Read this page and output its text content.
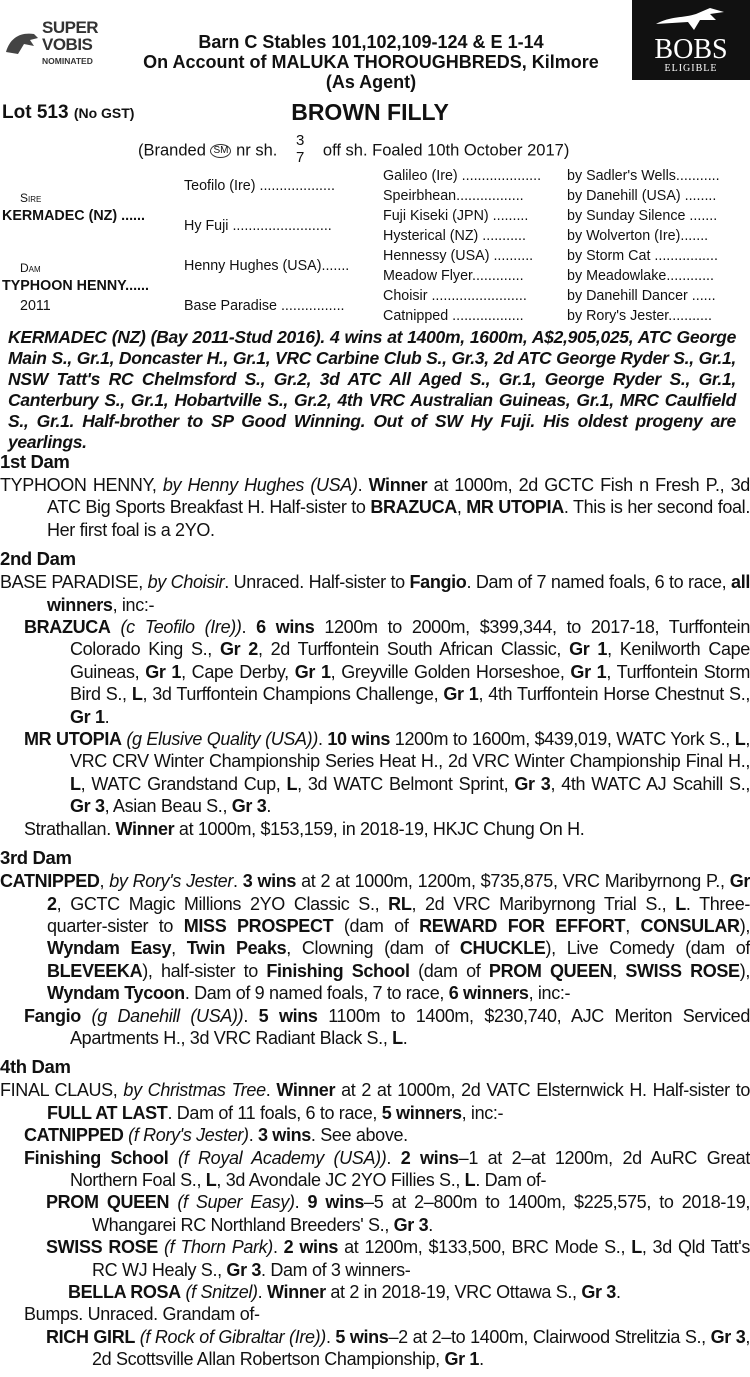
SUPER
VOBIS
NOMINATED	BOBS
ELIGIBLE
Barn C Stables 101,102,109-124 & E 1-14
On Account of MALUKA THOROUGHBREDS, Kilmore
(As Agent)
Lot 513 (No GST)	BROWN FILLY
(Branded SM nr sh. 3
7 off sh. Foaled 10th October 2017)
Sire
KERMADEC (NZ) ......
Dam
TYPHOON HENNY......
2011
Teofilo (Ire) ...................
Hy Fuji .........................
Henny Hughes (USA).......
Base Paradise ................
Galileo (Ire) ....................
Speirbhean.................
Fuji Kiseki (JPN) .........
Hysterical (NZ) ...........
Hennessy (USA) ..........
Meadow Flyer.............
Choisir ........................
Catnipped ..................
by Sadler's Wells...........
by Danehill (USA) ........
by Sunday Silence .......
by Wolverton (Ire).......
by Storm Cat ................
by Meadowlake............
by Danehill Dancer ......
by Rory's Jester...........
KERMADEC (NZ) (Bay 2011-Stud 2016). 4 wins at 1400m, 1600m, A$2,905,025, ATC George Main S., Gr.1, Doncaster H., Gr.1, VRC Carbine Club S., Gr.3, 2d ATC George Ryder S., Gr.1, NSW Tatt's RC Chelmsford S., Gr.2, 3d ATC All Aged S., Gr.1, George Ryder S., Gr.1, Canterbury S., Gr.1, Hobartville S., Gr.2, 4th VRC Australian Guineas, Gr.1, MRC Caulfield S., Gr.1. Half-brother to SP Good Winning. Out of SW Hy Fuji. His oldest progeny are yearlings.
1st Dam
TYPHOON HENNY, by Henny Hughes (USA). Winner at 1000m, 2d GCTC Fish n Fresh P., 3d ATC Big Sports Breakfast H. Half-sister to BRAZUCA, MR UTOPIA. This is her second foal. Her first foal is a 2YO.
2nd Dam
BASE PARADISE, by Choisir. Unraced. Half-sister to Fangio. Dam of 7 named foals, 6 to race, all winners, inc:-
BRAZUCA (c Teofilo (Ire)). 6 wins 1200m to 2000m, $399,344, to 2017-18, Turffontein Colorado King S., Gr 2, 2d Turffontein South African Classic, Gr 1, Kenilworth Cape Guineas, Gr 1, Cape Derby, Gr 1, Greyville Golden Horseshoe, Gr 1, Turffontein Storm Bird S., L, 3d Turffontein Champions Challenge, Gr 1, 4th Turffontein Horse Chestnut S., Gr 1.
MR UTOPIA (g Elusive Quality (USA)). 10 wins 1200m to 1600m, $439,019, WATC York S., L, VRC CRV Winter Championship Series Heat H., 2d VRC Winter Championship Final H., L, WATC Grandstand Cup, L, 3d WATC Belmont Sprint, Gr 3, 4th WATC AJ Scahill S., Gr 3, Asian Beau S., Gr 3.
Strathallan. Winner at 1000m, $153,159, in 2018-19, HKJC Chung On H.
3rd Dam
CATNIPPED, by Rory's Jester. 3 wins at 2 at 1000m, 1200m, $735,875, VRC Maribyrnong P., Gr 2, GCTC Magic Millions 2YO Classic S., RL, 2d VRC Maribyrnong Trial S., L. Three-quarter-sister to MISS PROSPECT (dam of REWARD FOR EFFORT, CONSULAR), Wyndam Easy, Twin Peaks, Clowning (dam of CHUCKLE), Live Comedy (dam of BLEVEEKA), half-sister to Finishing School (dam of PROM QUEEN, SWISS ROSE), Wyndam Tycoon. Dam of 9 named foals, 7 to race, 6 winners, inc:-
Fangio (g Danehill (USA)). 5 wins 1100m to 1400m, $230,740, AJC Meriton Serviced Apartments H., 3d VRC Radiant Black S., L.
4th Dam
FINAL CLAUS, by Christmas Tree. Winner at 2 at 1000m, 2d VATC Elsternwick H. Half-sister to FULL AT LAST. Dam of 11 foals, 6 to race, 5 winners, inc:-
CATNIPPED (f Rory's Jester). 3 wins. See above.
Finishing School (f Royal Academy (USA)). 2 wins–1 at 2–at 1200m, 2d AuRC Great Northern Foal S., L, 3d Avondale JC 2YO Fillies S., L. Dam of-
PROM QUEEN (f Super Easy). 9 wins–5 at 2–800m to 1400m, $225,575, to 2018-19, Whangarei RC Northland Breeders' S., Gr 3.
SWISS ROSE (f Thorn Park). 2 wins at 1200m, $133,500, BRC Mode S., L, 3d Qld Tatt's RC WJ Healy S., Gr 3. Dam of 3 winners-
BELLA ROSA (f Snitzel). Winner at 2 in 2018-19, VRC Ottawa S., Gr 3.
Bumps. Unraced. Grandam of-
RICH GIRL (f Rock of Gibraltar (Ire)). 5 wins–2 at 2–to 1400m, Clairwood Strelitzia S., Gr 3, 2d Scottsville Allan Robertson Championship, Gr 1.
